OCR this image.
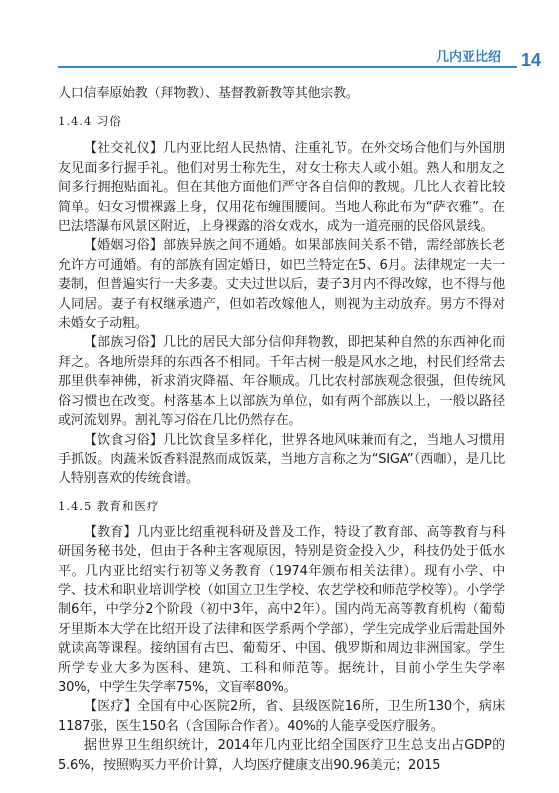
几内亚比绍 14

人口信奉原始教（拜物教）、基督教新教等其他宗教。

1.4.4 习俗

【社交礼仪】几内亚比绍人民热情、注重礼节。在外交场合他们与外国朋友见面多行握手礼。他们对男士称先生，对女士称夫人或小姐。熟人和朋友之间多行拥抱贴面礼。但在其他方面他们严守各自信仰的教规。几比人衣着比较简单。妇女习惯裸露上身，仅用花布缠围腰间。当地人称此布为“萨衣雅”。在巴法塔瀑布风景区附近，上身裸露的浴女戏水，成为一道亮丽的民俗风景线。

【婚姻习俗】部族异族之间不通婚。如果部族间关系不错，需经部族长老允许方可通婚。有的部族有固定婚日，如巴兰特定在5、6月。法律规定一夫一妻制，但普遍实行一夫多妻。丈夫过世以后，妻子3月内不得改嫁，也不得与他人同居。妻子有权继承遗产，但如若改嫁他人，则视为主动放弃。男方不得对未婚女子动粗。

【部族习俗】几比的居民大部分信仰拜物教，即把某种自然的东西神化而拜之。各地所崇拜的东西各不相同。千年古树一般是风水之地，村民们经常去那里供奉神佛，祈求消灾降福、年谷顺成。几比农村部族观念很强，但传统风俗习惯也在改变。村落基本上以部族为单位，如有两个部族以上，一般以路径或河流划界。割礼等习俗在几比仍然存在。

【饮食习俗】几比饮食呈多样化，世界各地风味兼而有之，当地人习惯用手抓饭。肉蔬米饭香料混熬而成饭菜，当地方言称之为“SIGA”（西咖），是几比人特别喜欢的传统食谱。

1.4.5 教育和医疗

【教育】几内亚比绍重视科研及普及工作，特设了教育部、高等教育与科研国务秘书处，但由于各种主客观原因，特别是资金投入少，科技仍处于低水平。几内亚比绍实行初等义务教育（1974年颁布相关法律）。现有小学、中学、技术和职业培训学校（如国立卫生学校、农艺学校和师范学校等）。小学学制6年，中学分2个阶段（初中3年，高中2年）。国内尚无高等教育机构（葡萄牙里斯本大学在比绍开设了法律和医学系两个学部），学生完成学业后需赴国外就读高等课程。接纳国有古巴、葡萄牙、中国、俄罗斯和周边非洲国家。学生所学专业大多为医科、建筑、工科和师范等。据统计，目前小学生失学率30%，中学生失学率75%，文盲率80%。

【医疗】全国有中心医院2所，省、县级医院16所，卫生所130个，病床1187张，医生150名（含国际合作者）。40%的人能享受医疗服务。

据世界卫生组织统计，2014年几内亚比绍全国医疗卫生总支出占GDP的5.6%，按照购买力平价计算，人均医疗健康支出90.96美元；2015
